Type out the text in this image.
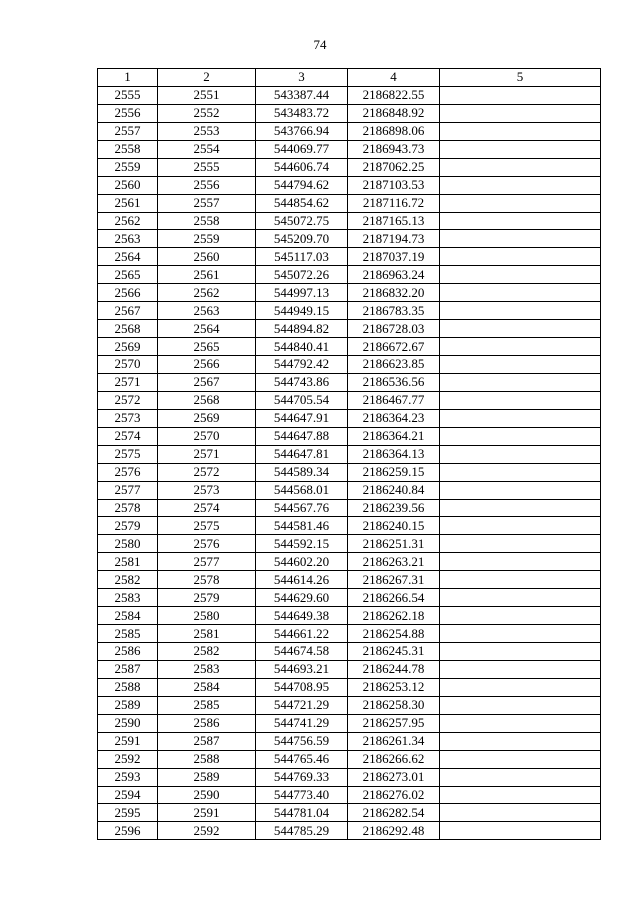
74
1	2	3	4	5
2555	2551	543387.44	2186822.55	
2556	2552	543483.72	2186848.92	
2557	2553	543766.94	2186898.06	
2558	2554	544069.77	2186943.73	
2559	2555	544606.74	2187062.25	
2560	2556	544794.62	2187103.53	
2561	2557	544854.62	2187116.72	
2562	2558	545072.75	2187165.13	
2563	2559	545209.70	2187194.73	
2564	2560	545117.03	2187037.19	
2565	2561	545072.26	2186963.24	
2566	2562	544997.13	2186832.20	
2567	2563	544949.15	2186783.35	
2568	2564	544894.82	2186728.03	
2569	2565	544840.41	2186672.67	
2570	2566	544792.42	2186623.85	
2571	2567	544743.86	2186536.56	
2572	2568	544705.54	2186467.77	
2573	2569	544647.91	2186364.23	
2574	2570	544647.88	2186364.21	
2575	2571	544647.81	2186364.13	
2576	2572	544589.34	2186259.15	
2577	2573	544568.01	2186240.84	
2578	2574	544567.76	2186239.56	
2579	2575	544581.46	2186240.15	
2580	2576	544592.15	2186251.31	
2581	2577	544602.20	2186263.21	
2582	2578	544614.26	2186267.31	
2583	2579	544629.60	2186266.54	
2584	2580	544649.38	2186262.18	
2585	2581	544661.22	2186254.88	
2586	2582	544674.58	2186245.31	
2587	2583	544693.21	2186244.78	
2588	2584	544708.95	2186253.12	
2589	2585	544721.29	2186258.30	
2590	2586	544741.29	2186257.95	
2591	2587	544756.59	2186261.34	
2592	2588	544765.46	2186266.62	
2593	2589	544769.33	2186273.01	
2594	2590	544773.40	2186276.02	
2595	2591	544781.04	2186282.54	
2596	2592	544785.29	2186292.48	
